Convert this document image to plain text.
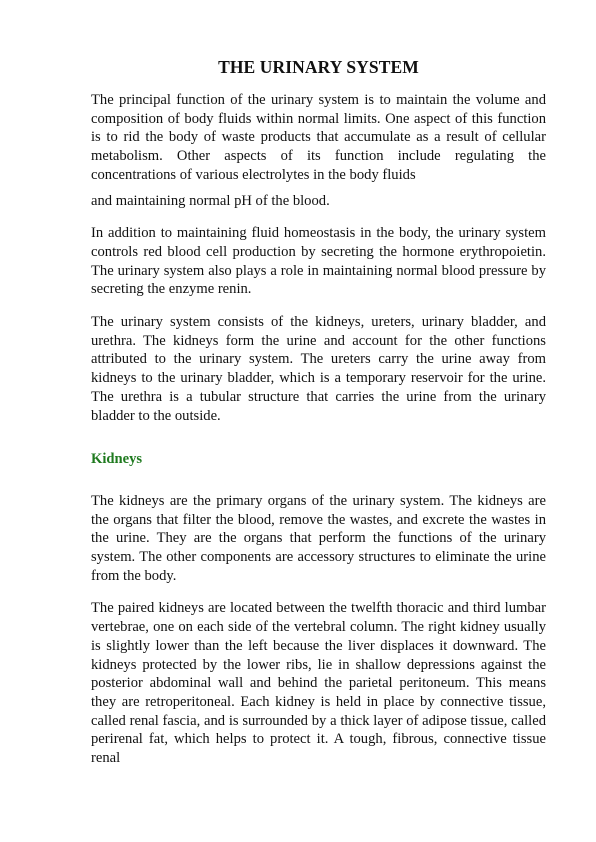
THE URINARY SYSTEM

The principal function of the urinary system is to maintain the volume and composition of body fluids within normal limits. One aspect of this function is to rid the body of waste products that accumulate as a result of cellular metabolism. Other aspects of its function include regulating the concentrations of various electrolytes in the body fluids

and maintaining normal pH of the blood.

In addition to maintaining fluid homeostasis in the body, the urinary system controls red blood cell production by secreting the hormone erythropoietin. The urinary system also plays a role in maintaining normal blood pressure by secreting the enzyme renin.

The urinary system consists of the kidneys, ureters, urinary bladder, and urethra. The kidneys form the urine and account for the other functions attributed to the urinary system. The ureters carry the urine away from kidneys to the urinary bladder, which is a temporary reservoir for the urine. The urethra is a tubular structure that carries the urine from the urinary bladder to the outside.

Kidneys

The kidneys are the primary organs of the urinary system. The kidneys are the organs that filter the blood, remove the wastes, and excrete the wastes in the urine. They are the organs that perform the functions of the urinary system. The other components are accessory structures to eliminate the urine from the body.

The paired kidneys are located between the twelfth thoracic and third lumbar vertebrae, one on each side of the vertebral column. The right kidney usually is slightly lower than the left because the liver displaces it downward. The kidneys protected by the lower ribs, lie in shallow depressions against the posterior abdominal wall and behind the parietal peritoneum. This means they are retroperitoneal. Each kidney is held in place by connective tissue, called renal fascia, and is surrounded by a thick layer of adipose tissue, called perirenal fat, which helps to protect it. A tough, fibrous, connective tissue renal
